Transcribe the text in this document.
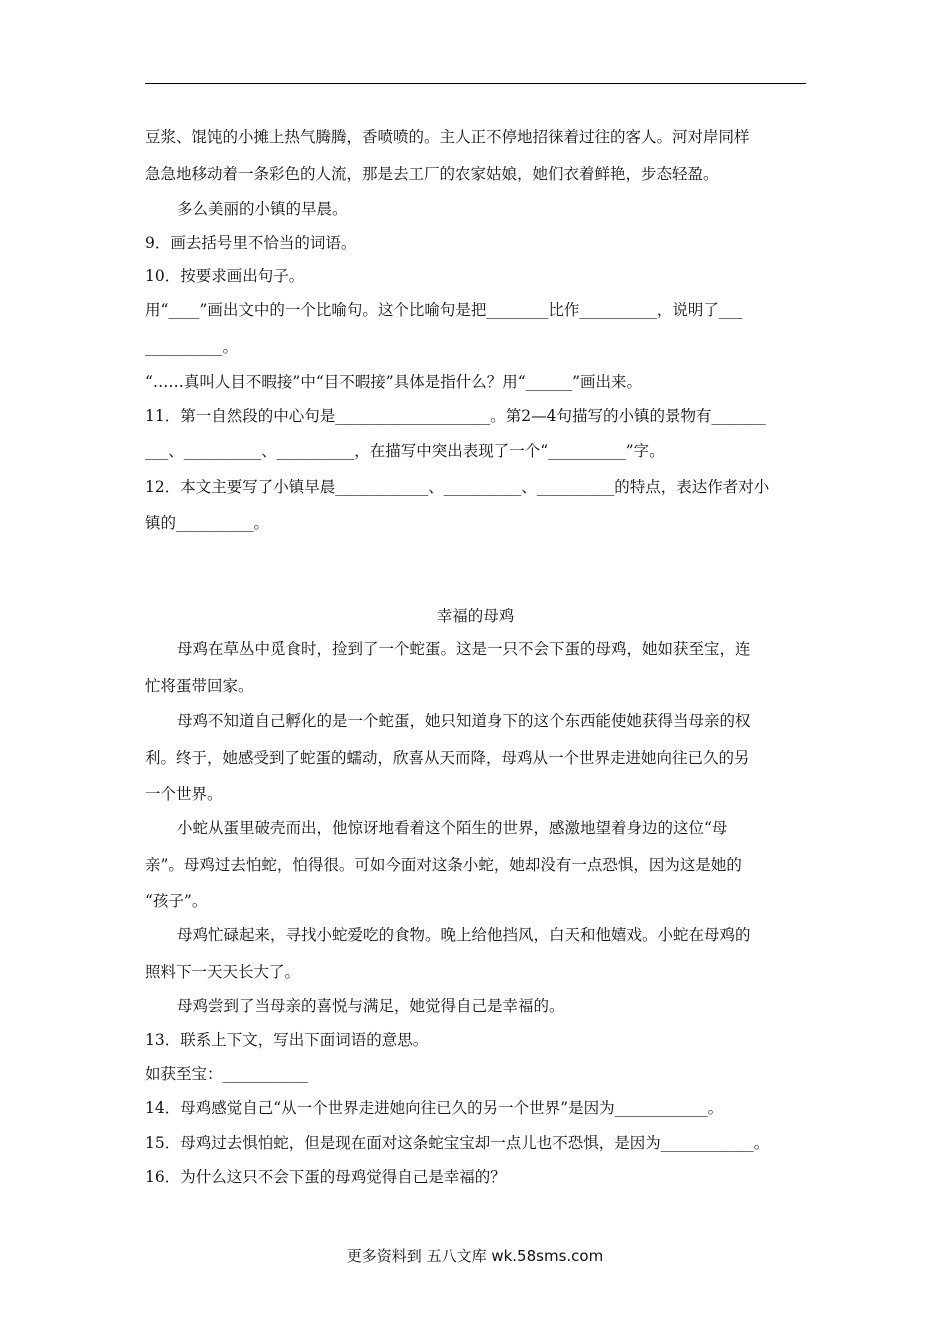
豆浆、馄饨的小摊上热气腾腾，香喷喷的。主人正不停地招徕着过往的客人。河对岸同样
急急地移动着一条彩色的人流，那是去工厂的农家姑娘，她们衣着鲜艳，步态轻盈。
多么美丽的小镇的早晨。
9．画去括号里不恰当的词语。
10．按要求画出句子。
用“____”画出文中的一个比喻句。这个比喻句是把________比作__________，说明了___
__________。
“……真叫人目不暇接”中“目不暇接”具体是指什么？用“______”画出来。
11．第一自然段的中心句是____________________。第2—4句描写的小镇的景物有_______
___、__________、__________，在描写中突出表现了一个“__________”字。
12．本文主要写了小镇早晨____________、__________、__________的特点，表达作者对小
镇的__________。
幸福的母鸡
母鸡在草丛中觅食时，捡到了一个蛇蛋。这是一只不会下蛋的母鸡，她如获至宝，连
忙将蛋带回家。
母鸡不知道自己孵化的是一个蛇蛋，她只知道身下的这个东西能使她获得当母亲的权
利。终于，她感受到了蛇蛋的蠕动，欣喜从天而降，母鸡从一个世界走进她向往已久的另
一个世界。
小蛇从蛋里破壳而出，他惊讶地看着这个陌生的世界，感激地望着身边的这位“母
亲”。母鸡过去怕蛇，怕得很。可如今面对这条小蛇，她却没有一点恐惧，因为这是她的
“孩子”。
母鸡忙碌起来，寻找小蛇爱吃的食物。晚上给他挡风，白天和他嬉戏。小蛇在母鸡的
照料下一天天长大了。
母鸡尝到了当母亲的喜悦与满足，她觉得自己是幸福的。
13．联系上下文，写出下面词语的意思。
如获至宝：___________
14．母鸡感觉自己“从一个世界走进她向往已久的另一个世界”是因为____________。
15．母鸡过去惧怕蛇，但是现在面对这条蛇宝宝却一点儿也不恐惧，是因为____________。
16．为什么这只不会下蛋的母鸡觉得自己是幸福的？
更多资料到 五八文库 wk.58sms.com
